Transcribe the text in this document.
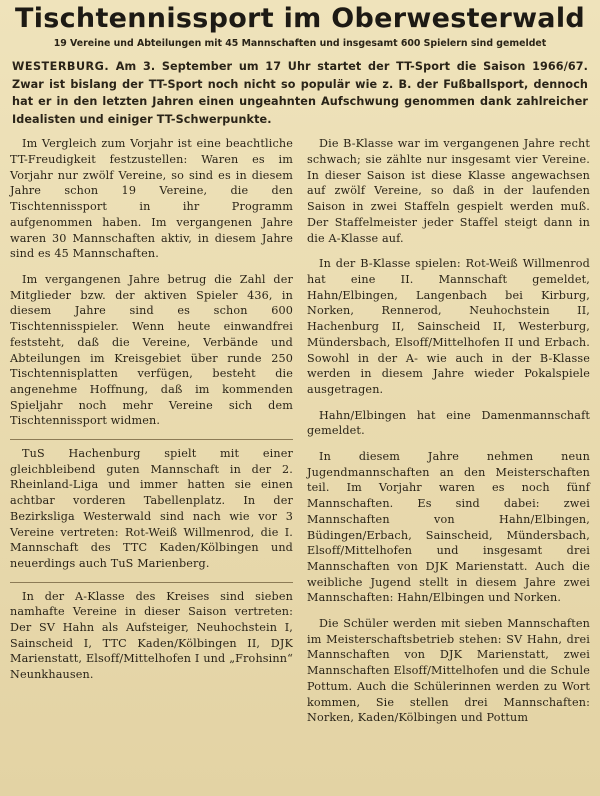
Tischtennissport im Oberwesterwald
19 Vereine und Abteilungen mit 45 Mannschaften und insgesamt 600 Spielern sind gemeldet
WESTERBURG. Am 3. September um 17 Uhr startet der TT-Sport die Saison 1966/67. Zwar ist bislang der TT-Sport noch nicht so populär wie z. B. der Fußballsport, dennoch hat er in den letzten Jahren einen ungeahnten Aufschwung genommen dank zahlreicher Idealisten und einiger TT-Schwerpunkte.

Im Vergleich zum Vorjahr ist eine beachtliche TT-Freudigkeit festzustellen: Waren es im Vorjahr nur zwölf Vereine, so sind es in diesem Jahre schon 19 Vereine, die den Tischtennissport in ihr Programm aufgenommen haben. Im vergangenen Jahre waren 30 Mannschaften aktiv, in diesem Jahre sind es 45 Mannschaften.

Im vergangenen Jahre betrug die Zahl der Mitglieder bzw. der aktiven Spieler 436, in diesem Jahre sind es schon 600 Tischtennisspieler. Wenn heute einwandfrei feststeht, daß die Vereine, Verbände und Abteilungen im Kreisgebiet über runde 250 Tischtennisplatten verfügen, besteht die angenehme Hoffnung, daß im kommenden Spieljahr noch mehr Vereine sich dem Tischtennissport widmen.

TuS Hachenburg spielt mit einer gleichbleibend guten Mannschaft in der 2. Rheinland-Liga und immer hatten sie einen achtbar vorderen Tabellenplatz. In der Bezirksliga Westerwald sind nach wie vor 3 Vereine vertreten: Rot-Weiß Willmenrod, die I. Mannschaft des TTC Kaden/Kölbingen und neuerdings auch TuS Marienberg.

In der A-Klasse des Kreises sind sieben namhafte Vereine in dieser Saison vertreten: Der SV Hahn als Aufsteiger, Neuhochstein I, Sainscheid I, TTC Kaden/Kölbingen II, DJK Marienstatt, Elsoff/Mittelhofen I und „Frohsinn“ Neunkhausen.

Die B-Klasse war im vergangenen Jahre recht schwach; sie zählte nur insgesamt vier Vereine. In dieser Saison ist diese Klasse angewachsen auf zwölf Vereine, so daß in der laufenden Saison in zwei Staffeln gespielt werden muß. Der Staffelmeister jeder Staffel steigt dann in die A-Klasse auf.

In der B-Klasse spielen: Rot-Weiß Willmenrod hat eine II. Mannschaft gemeldet, Hahn/Elbingen, Langenbach bei Kirburg, Norken, Rennerod, Neuhochstein II, Hachenburg II, Sainscheid II, Westerburg, Mündersbach, Elsoff/Mittelhofen II und Erbach. Sowohl in der A- wie auch in der B-Klasse werden in diesem Jahre wieder Pokalspiele ausgetragen.

Hahn/Elbingen hat eine Damenmannschaft gemeldet.

In diesem Jahre nehmen neun Jugendmannschaften an den Meisterschaften teil. Im Vorjahr waren es noch fünf Mannschaften. Es sind dabei: zwei Mannschaften von Hahn/Elbingen, Büdingen/Erbach, Sainscheid, Mündersbach, Elsoff/Mittelhofen und insgesamt drei Mannschaften von DJK Marienstatt. Auch die weibliche Jugend stellt in diesem Jahre zwei Mannschaften: Hahn/Elbingen und Norken.

Die Schüler werden mit sieben Mannschaften im Meisterschaftsbetrieb stehen: SV Hahn, drei Mannschaften von DJK Marienstatt, zwei Mannschaften Elsoff/Mittelhofen und die Schule Pottum. Auch die Schülerinnen werden zu Wort kommen, Sie stellen drei Mannschaften: Norken, Kaden/Kölbingen und Pottum
